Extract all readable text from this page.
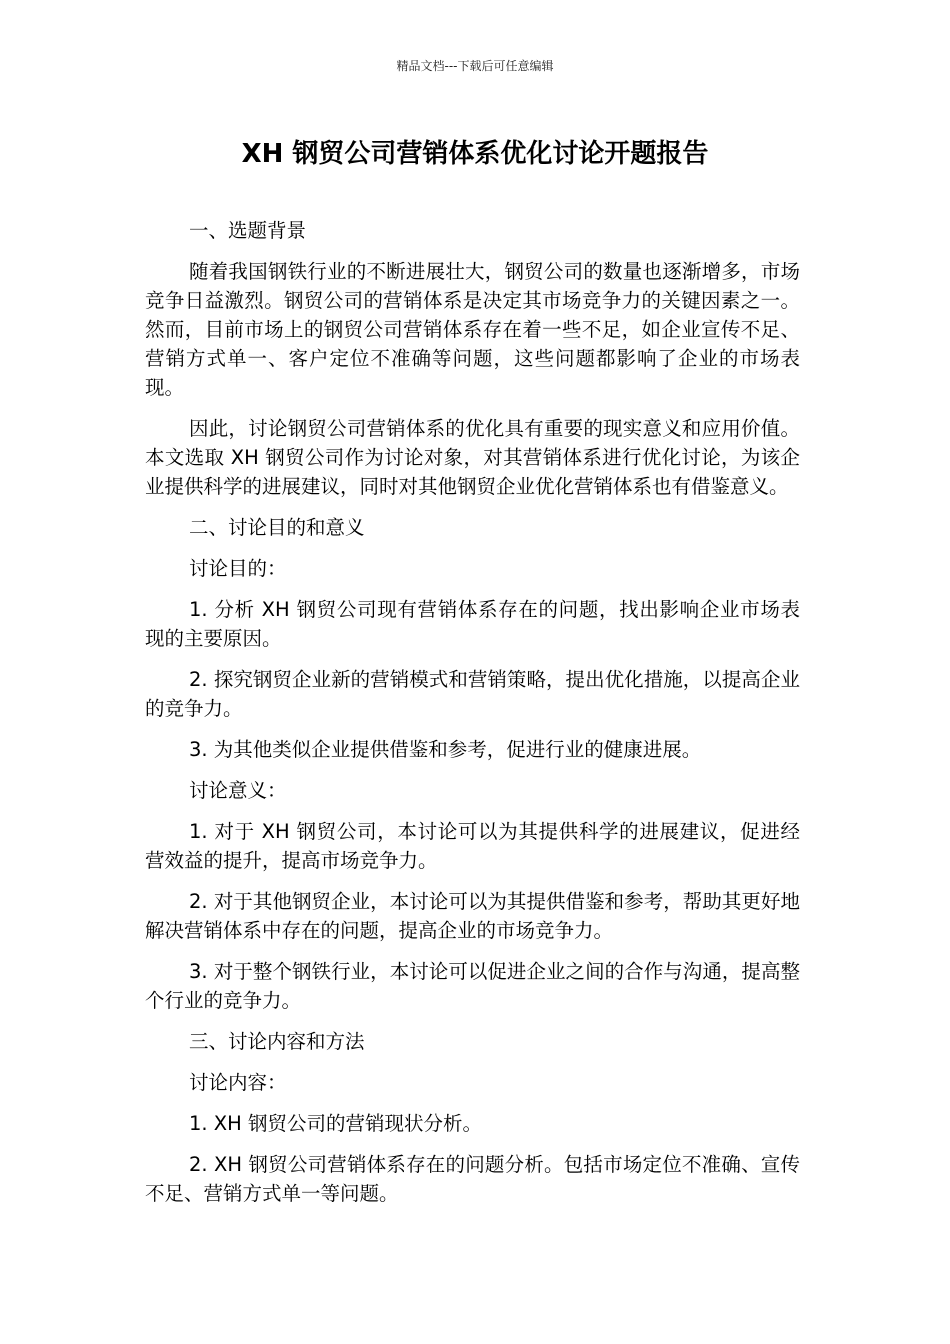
精品文档---下载后可任意编辑
XH 钢贸公司营销体系优化讨论开题报告

一、选题背景

随着我国钢铁行业的不断进展壮大，钢贸公司的数量也逐渐增多，市场竞争日益激烈。钢贸公司的营销体系是决定其市场竞争力的关键因素之一。然而，目前市场上的钢贸公司营销体系存在着一些不足，如企业宣传不足、营销方式单一、客户定位不准确等问题，这些问题都影响了企业的市场表现。

因此，讨论钢贸公司营销体系的优化具有重要的现实意义和应用价值。本文选取 XH 钢贸公司作为讨论对象，对其营销体系进行优化讨论，为该企业提供科学的进展建议，同时对其他钢贸企业优化营销体系也有借鉴意义。

二、讨论目的和意义

讨论目的：

1. 分析 XH 钢贸公司现有营销体系存在的问题，找出影响企业市场表现的主要原因。

2. 探究钢贸企业新的营销模式和营销策略，提出优化措施，以提高企业的竞争力。

3. 为其他类似企业提供借鉴和参考，促进行业的健康进展。

讨论意义：

1. 对于 XH 钢贸公司，本讨论可以为其提供科学的进展建议，促进经营效益的提升，提高市场竞争力。

2. 对于其他钢贸企业，本讨论可以为其提供借鉴和参考，帮助其更好地解决营销体系中存在的问题，提高企业的市场竞争力。

3. 对于整个钢铁行业，本讨论可以促进企业之间的合作与沟通，提高整个行业的竞争力。

三、讨论内容和方法

讨论内容：

1. XH 钢贸公司的营销现状分析。

2. XH 钢贸公司营销体系存在的问题分析。包括市场定位不准确、宣传不足、营销方式单一等问题。
